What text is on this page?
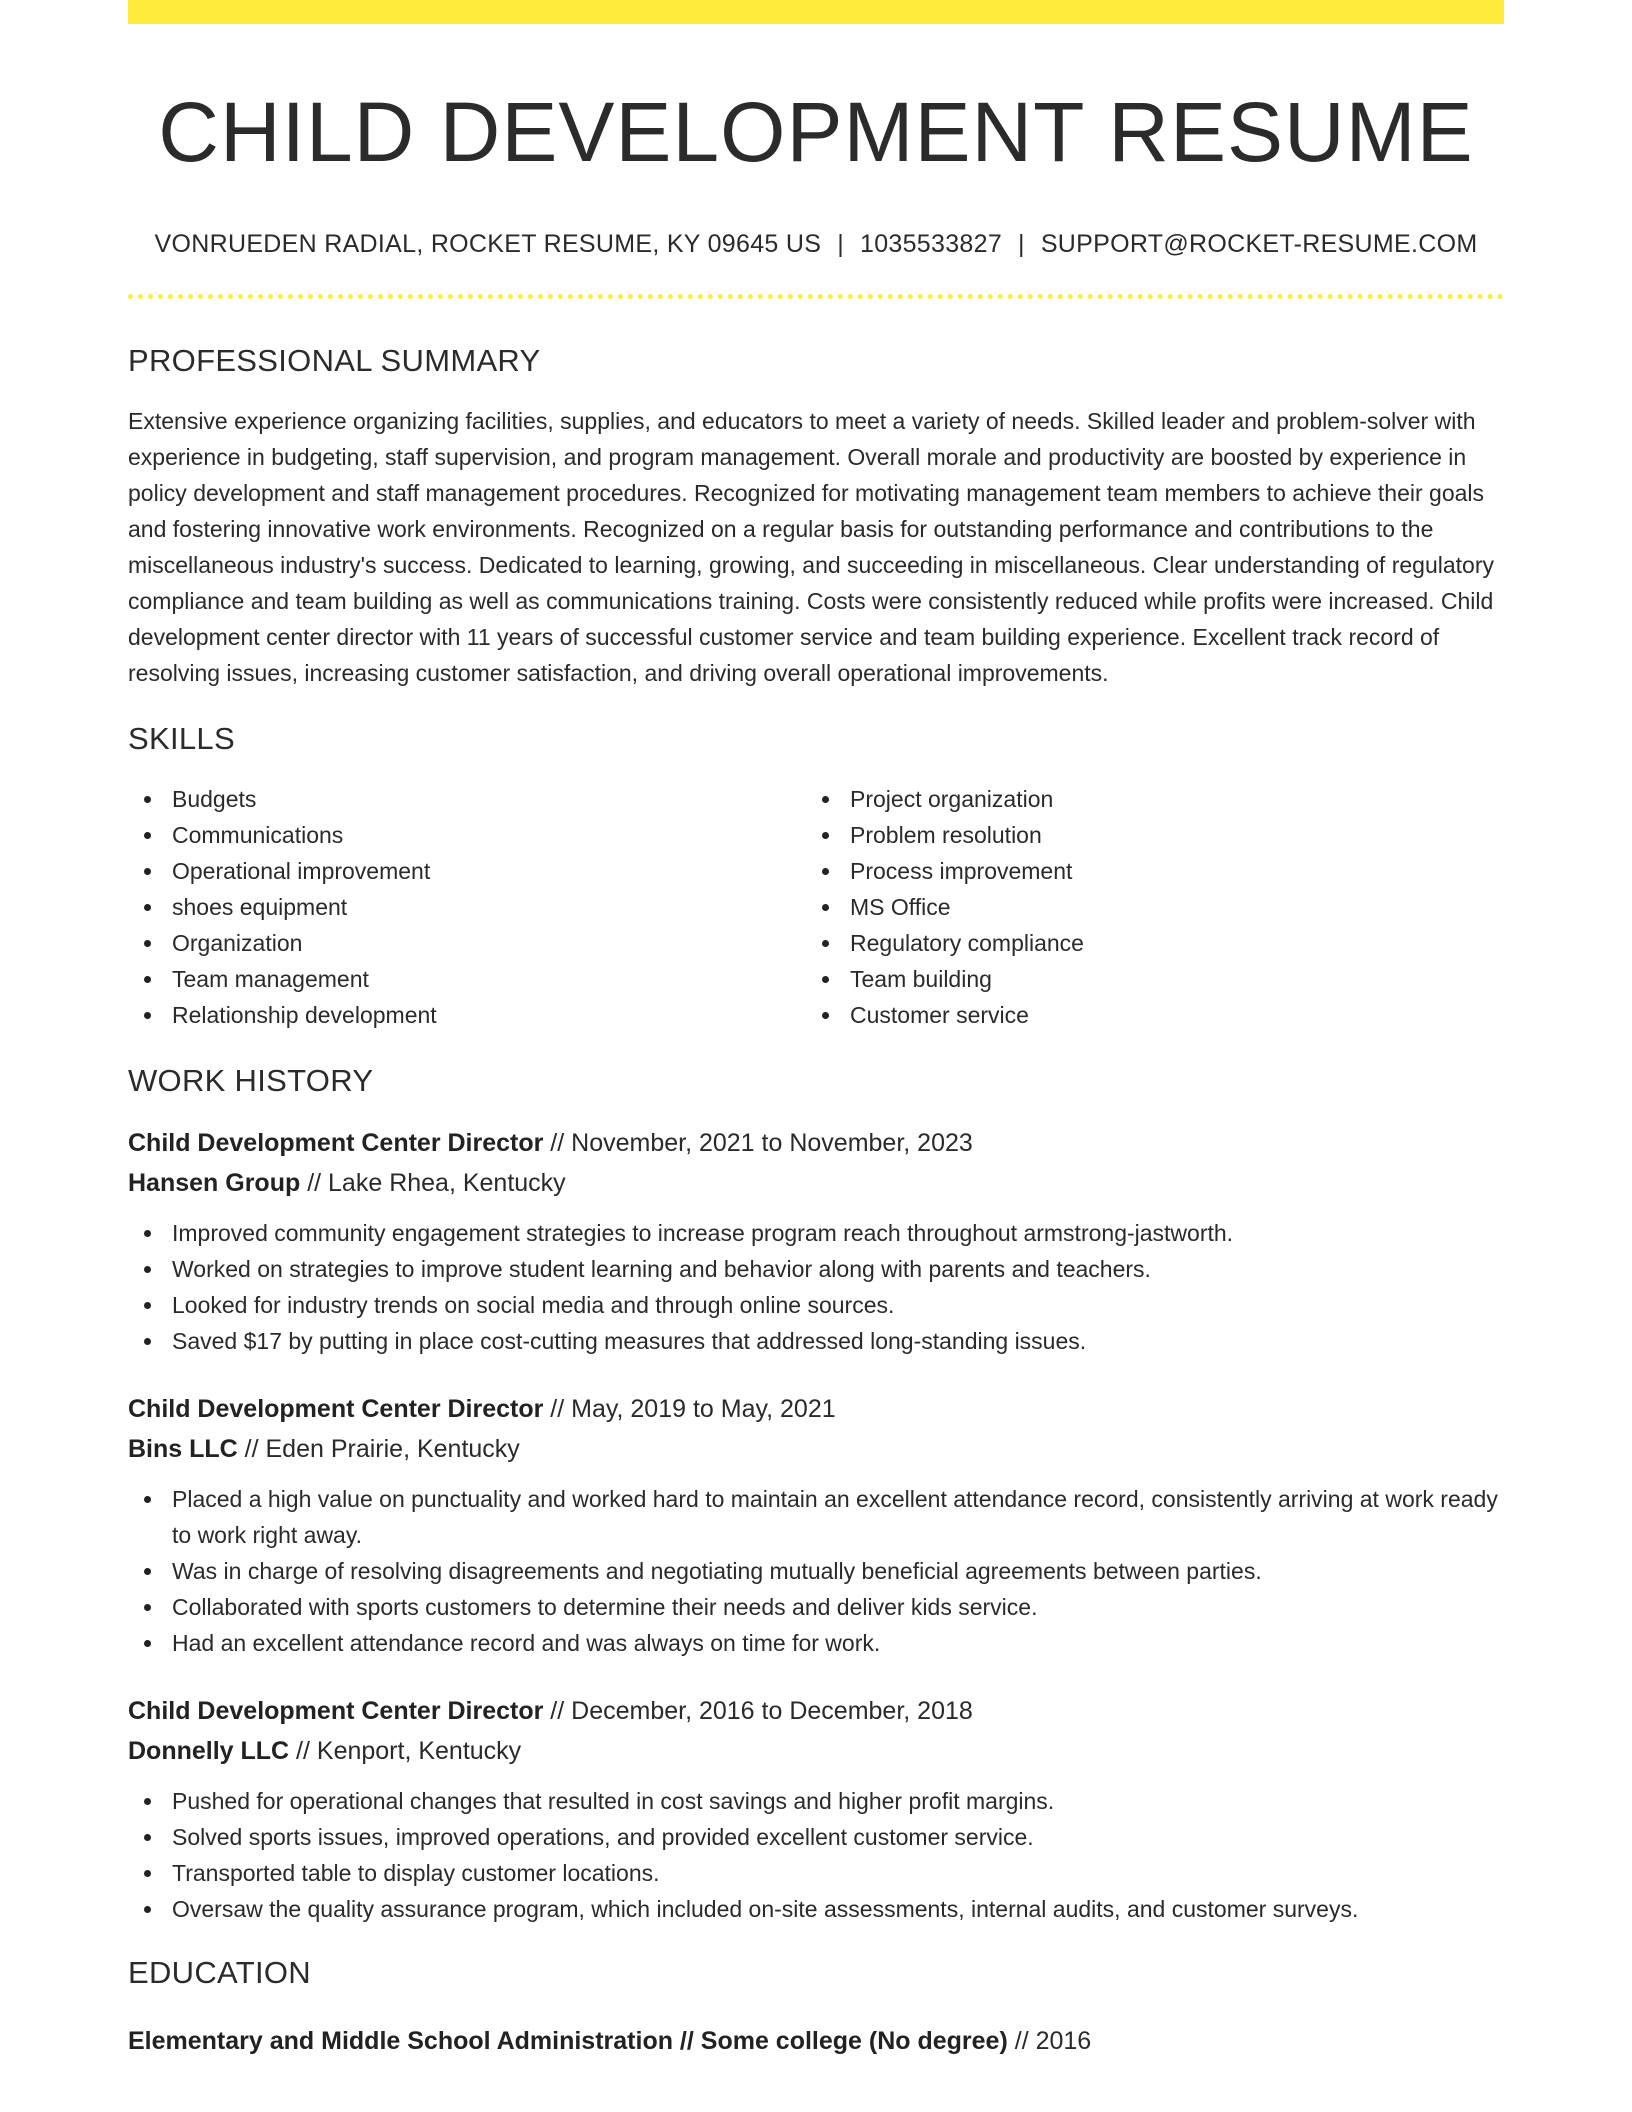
CHILD DEVELOPMENT RESUME
VONRUEDEN RADIAL, ROCKET RESUME, KY 09645 US | 1035533827 | SUPPORT@ROCKET-RESUME.COM
PROFESSIONAL SUMMARY
Extensive experience organizing facilities, supplies, and educators to meet a variety of needs. Skilled leader and problem-solver with experience in budgeting, staff supervision, and program management. Overall morale and productivity are boosted by experience in policy development and staff management procedures. Recognized for motivating management team members to achieve their goals and fostering innovative work environments. Recognized on a regular basis for outstanding performance and contributions to the miscellaneous industry's success. Dedicated to learning, growing, and succeeding in miscellaneous. Clear understanding of regulatory compliance and team building as well as communications training. Costs were consistently reduced while profits were increased. Child development center director with 11 years of successful customer service and team building experience. Excellent track record of resolving issues, increasing customer satisfaction, and driving overall operational improvements.
SKILLS
Budgets
Communications
Operational improvement
shoes equipment
Organization
Team management
Relationship development
Project organization
Problem resolution
Process improvement
MS Office
Regulatory compliance
Team building
Customer service
WORK HISTORY
Child Development Center Director // November, 2021 to November, 2023
Hansen Group // Lake Rhea, Kentucky
Improved community engagement strategies to increase program reach throughout armstrong-jastworth.
Worked on strategies to improve student learning and behavior along with parents and teachers.
Looked for industry trends on social media and through online sources.
Saved $17 by putting in place cost-cutting measures that addressed long-standing issues.
Child Development Center Director // May, 2019 to May, 2021
Bins LLC // Eden Prairie, Kentucky
Placed a high value on punctuality and worked hard to maintain an excellent attendance record, consistently arriving at work ready to work right away.
Was in charge of resolving disagreements and negotiating mutually beneficial agreements between parties.
Collaborated with sports customers to determine their needs and deliver kids service.
Had an excellent attendance record and was always on time for work.
Child Development Center Director // December, 2016 to December, 2018
Donnelly LLC // Kenport, Kentucky
Pushed for operational changes that resulted in cost savings and higher profit margins.
Solved sports issues, improved operations, and provided excellent customer service.
Transported table to display customer locations.
Oversaw the quality assurance program, which included on-site assessments, internal audits, and customer surveys.
EDUCATION
Elementary and Middle School Administration // Some college (No degree) // 2016
